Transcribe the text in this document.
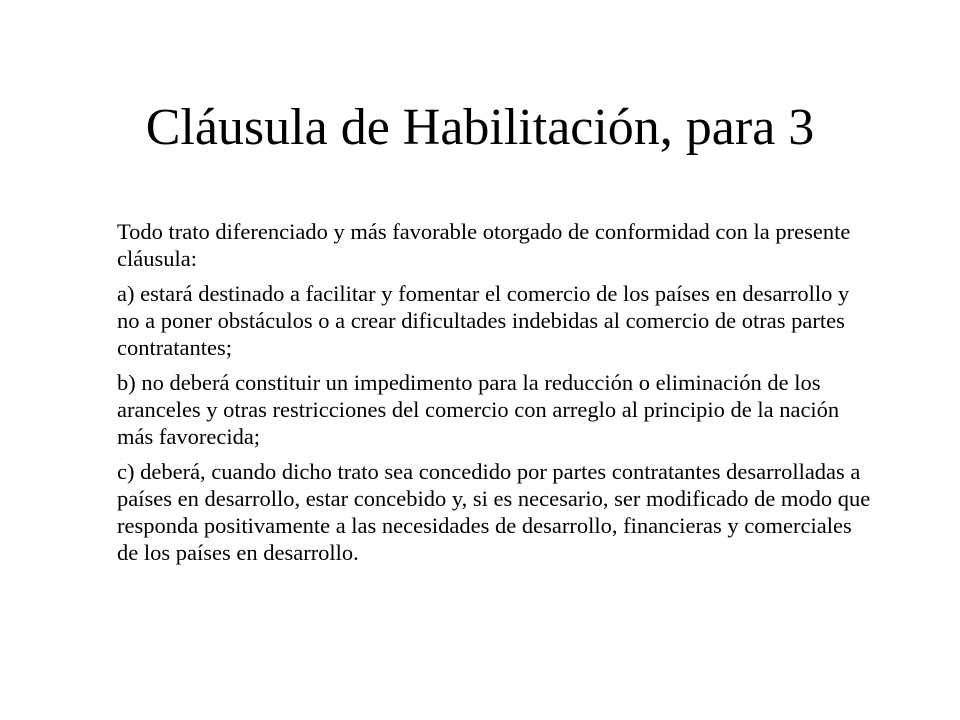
Cláusula de Habilitación, para 3

Todo trato diferenciado y más favorable otorgado de conformidad con la presente cláusula:

a) estará destinado a facilitar y fomentar el comercio de los países en desarrollo y no a poner obstáculos o a crear dificultades indebidas al comercio de otras partes contratantes;

b) no deberá constituir un impedimento para la reducción o eliminación de los aranceles y otras restricciones del comercio con arreglo al principio de la nación más favorecida;

c) deberá, cuando dicho trato sea concedido por partes contratantes desarrolladas a países en desarrollo, estar concebido y, si es necesario, ser modificado de modo que responda positivamente a las necesidades de desarrollo, financieras y comerciales de los países en desarrollo.
